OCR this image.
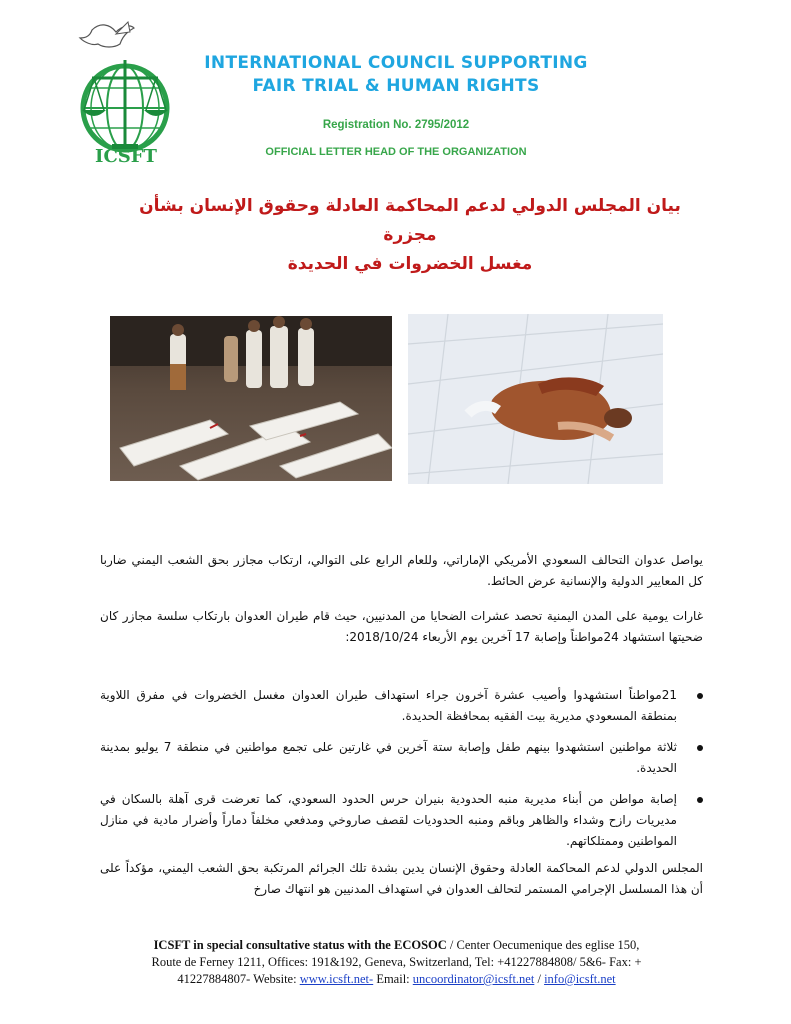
ICSFT
INTERNATIONAL COUNCIL SUPPORTING
FAIR TRIAL & HUMAN RIGHTS
Registration No. 2795/2012
OFFICIAL LETTER HEAD OF THE ORGANIZATION
بيان المجلس الدولي لدعم المحاكمة العادلة وحقوق الإنسان بشأن مجزرة
مغسل الخضروات في الحديدة
يواصل عدوان التحالف السعودي الأمريكي الإماراتي، وللعام الرابع على التوالي، ارتكاب مجازر بحق الشعب اليمني ضاربا كل المعايير الدولية والإنسانية عرض الحائط.
غارات يومية على المدن اليمنية تحصد عشرات الضحايا من المدنيين، حيث قام طيران العدوان بارتكاب سلسة مجازر كان ضحيتها استشهاد 24مواطناً وإصابة 17 آخرين يوم الأربعاء 2018/10/24:
21مواطناً استشهدوا وأصيب عشرة آخرون جراء استهداف طيران العدوان مغسل الخضروات في مفرق اللاوية بمنطقة المسعودي مديرية بيت الفقيه بمحافظة الحديدة.
ثلاثة مواطنين استشهدوا بينهم طفل وإصابة ستة آخرين في غارتين على تجمع مواطنين في منطقة 7 يوليو بمدينة الحديدة.
إصابة مواطن من أبناء مديرية منبه الحدودية بنيران حرس الحدود السعودي، كما تعرضت قرى آهلة بالسكان في مديريات رازح وشداء والظاهر وباقم ومنبه الحدوديات لقصف صاروخي ومدفعي مخلفاً دماراً وأضرار مادية في منازل المواطنين وممتلكاتهم.
المجلس الدولي لدعم المحاكمة العادلة وحقوق الإنسان يدين بشدة تلك الجرائم المرتكبة بحق الشعب اليمني، مؤكداً على أن هذا المسلسل الإجرامي المستمر لتحالف العدوان في استهداف المدنيين هو انتهاك صارخ
ICSFT in special consultative status with the ECOSOC / Center Oecumenique des eglise 150,
Route de Ferney 1211, Offices: 191&192, Geneva, Switzerland, Tel: +41227884808/ 5&6- Fax: +
41227884807- Website: www.icsft.net- Email: uncoordinator@icsft.net / info@icsft.net
